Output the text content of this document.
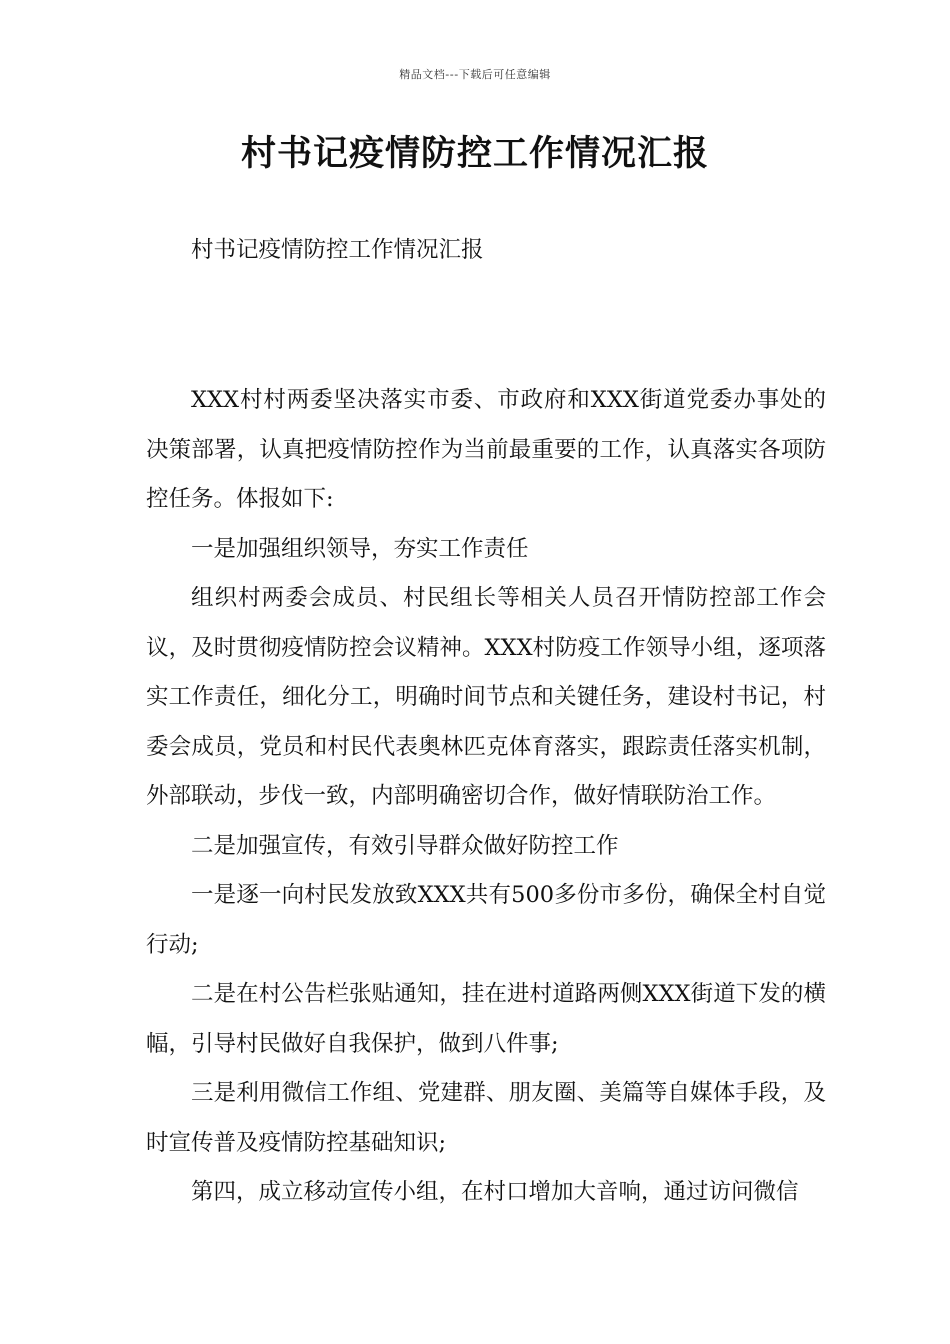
精品文档---下载后可任意编辑
村书记疫情防控工作情况汇报

村书记疫情防控工作情况汇报

XXX村村两委坚决落实市委、市政府和XXX街道党委办事处的决策部署，认真把疫情防控作为当前最重要的工作，认真落实各项防控任务。体报如下:

一是加强组织领导，夯实工作责任

组织村两委会成员、村民组长等相关人员召开情防控部工作会议，及时贯彻疫情防控会议精神。XXX村防疫工作领导小组，逐项落实工作责任，细化分工，明确时间节点和关键任务，建设村书记，村委会成员，党员和村民代表奥林匹克体育落实，跟踪责任落实机制，外部联动，步伐一致，内部明确密切合作，做好情联防治工作。

二是加强宣传，有效引导群众做好防控工作

一是逐一向村民发放致XXX共有500多份市多份，确保全村自觉行动;

二是在村公告栏张贴通知，挂在进村道路两侧XXX街道下发的横幅，引导村民做好自我保护，做到八件事;

三是利用微信工作组、党建群、朋友圈、美篇等自媒体手段，及时宣传普及疫情防控基础知识;

第四，成立移动宣传小组，在村口增加大音响，通过访问微信
